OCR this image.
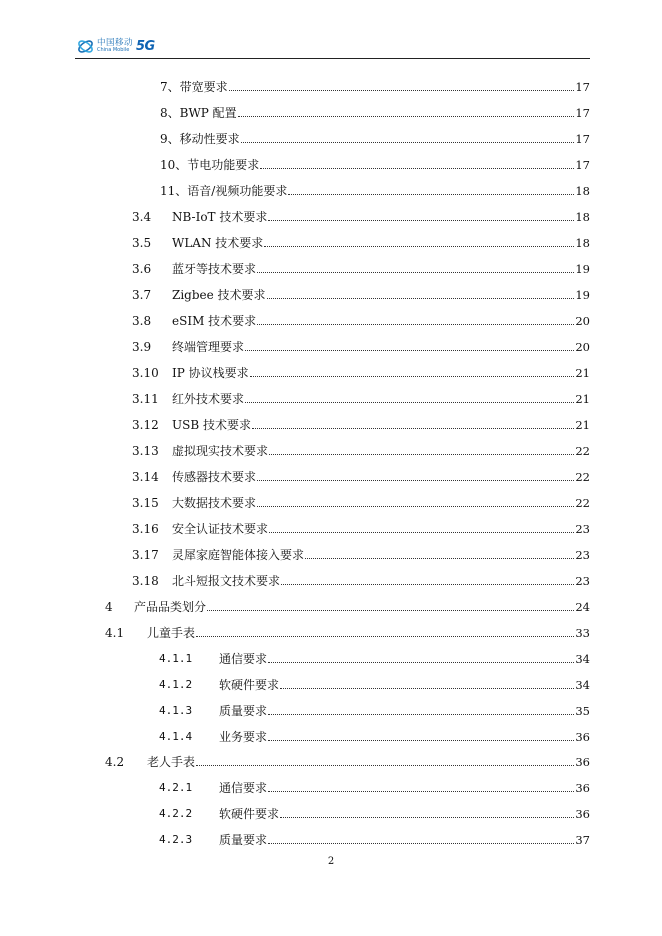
中国移动
China Mobile 5G
7、带宽要求	17
8、BWP 配置	17
9、移动性要求	17
10、节电功能要求	17
11、语音/视频功能要求	18
3.4	NB-IoT 技术要求	18
3.5	WLAN 技术要求	18
3.6	蓝牙等技术要求	19
3.7	Zigbee 技术要求	19
3.8	eSIM 技术要求	20
3.9	终端管理要求	20
3.10	IP 协议栈要求	21
3.11	红外技术要求	21
3.12	USB 技术要求	21
3.13	虚拟现实技术要求	22
3.14	传感器技术要求	22
3.15	大数据技术要求	22
3.16	安全认证技术要求	23
3.17	灵犀家庭智能体接入要求	23
3.18	北斗短报文技术要求	23
4	产品品类划分	24
4.1	儿童手表	33
4.1.1	通信要求	34
4.1.2	软硬件要求	34
4.1.3	质量要求	35
4.1.4	业务要求	36
4.2	老人手表	36
4.2.1	通信要求	36
4.2.2	软硬件要求	36
4.2.3	质量要求	37
2
